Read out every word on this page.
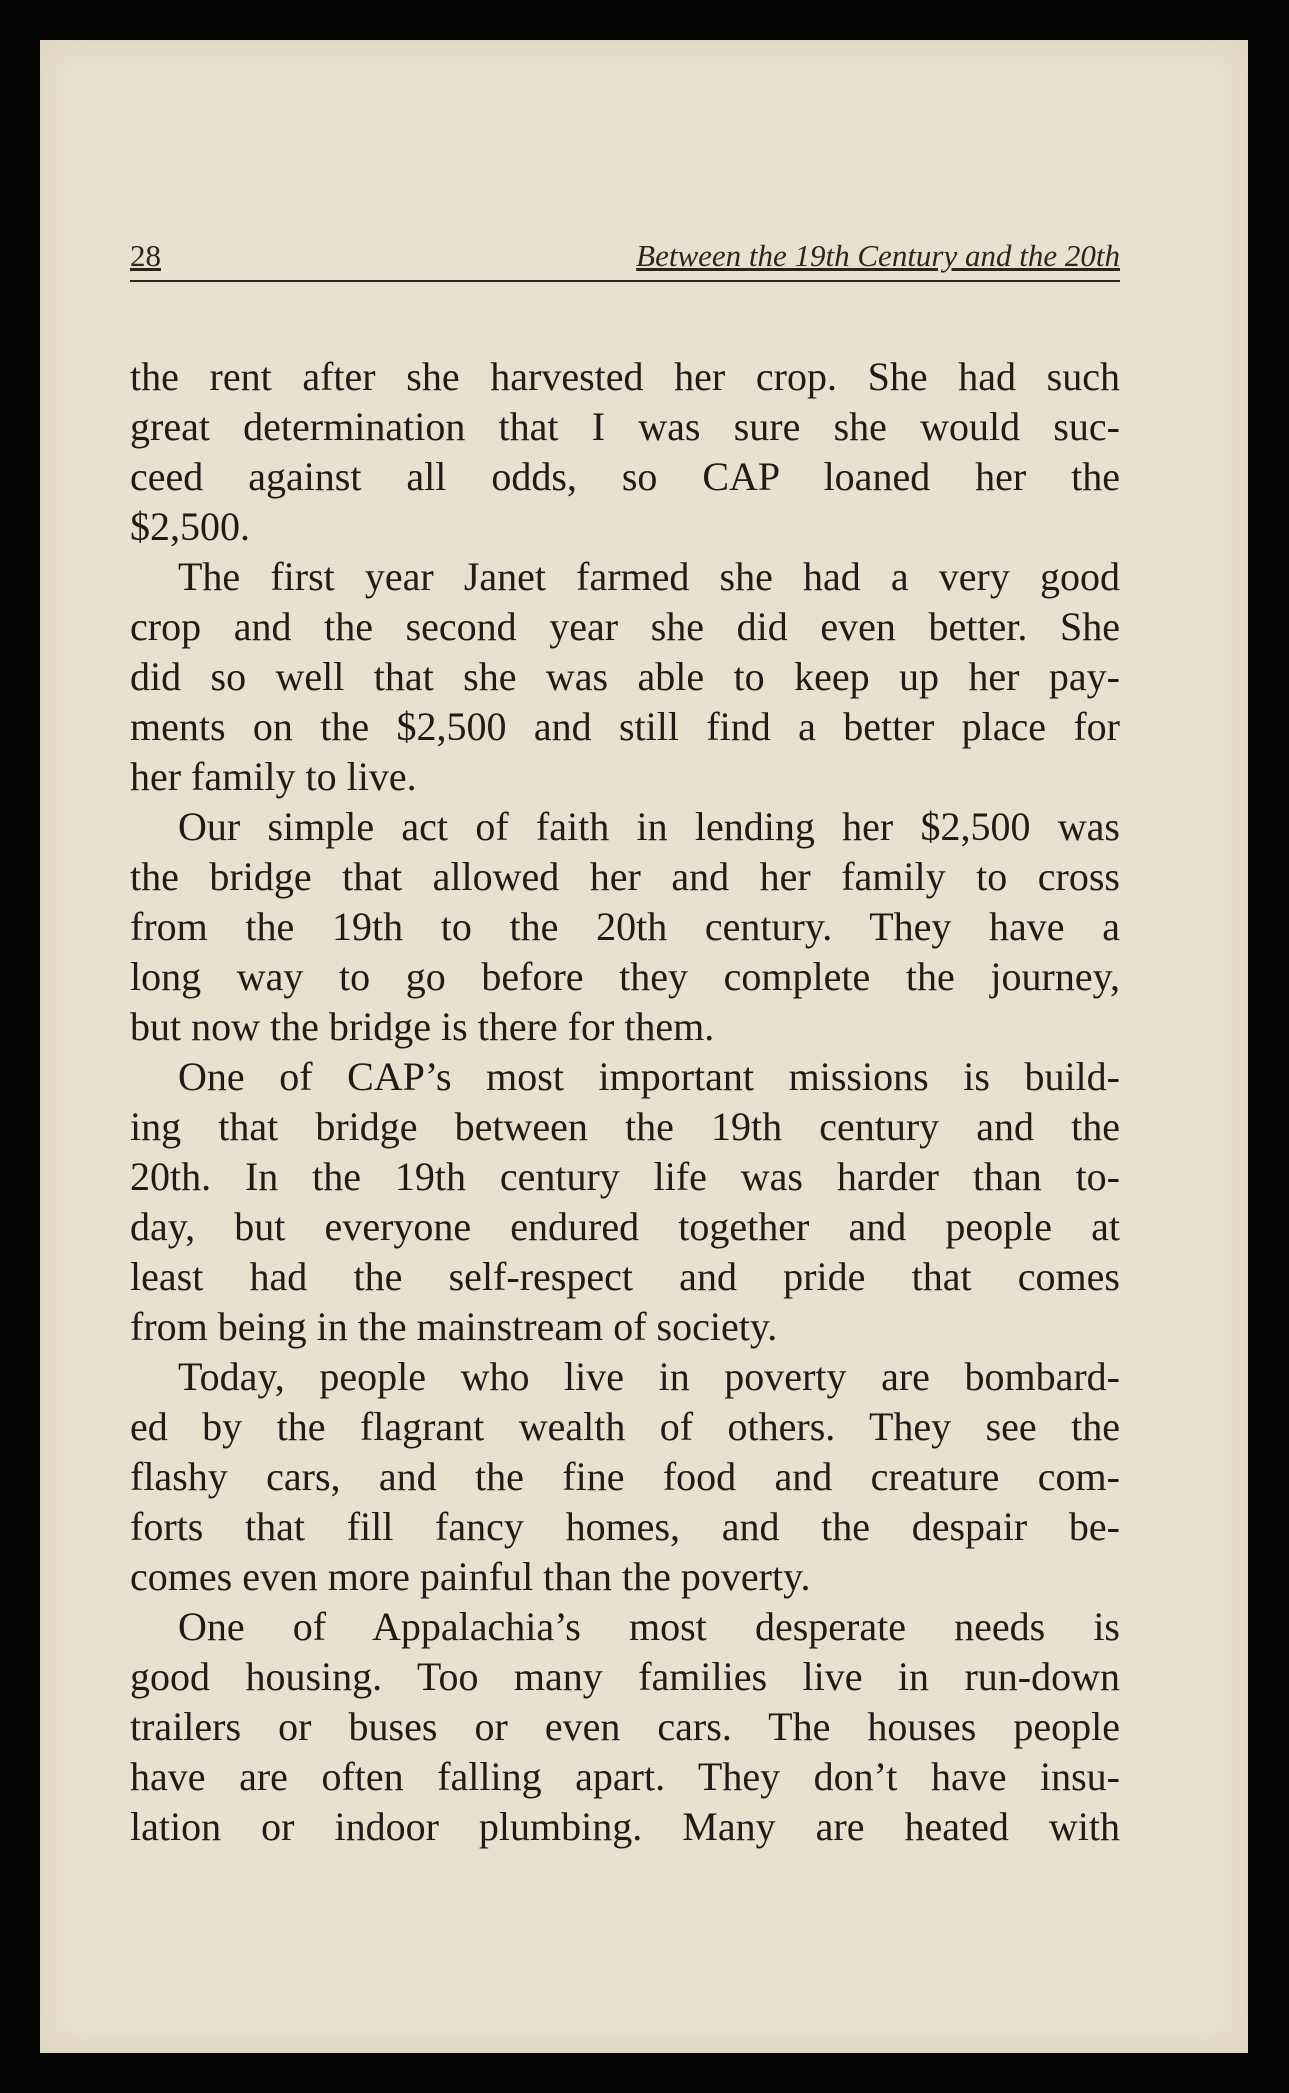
28	Between the 19th Century and the 20th
the rent after she harvested her crop. She had such
great determination that I was sure she would suc-
ceed against all odds, so CAP loaned her the
$2,500.
The first year Janet farmed she had a very good
crop and the second year she did even better. She
did so well that she was able to keep up her pay-
ments on the $2,500 and still find a better place for
her family to live.
Our simple act of faith in lending her $2,500 was
the bridge that allowed her and her family to cross
from the 19th to the 20th century. They have a
long way to go before they complete the journey,
but now the bridge is there for them.
One of CAP’s most important missions is build-
ing that bridge between the 19th century and the
20th. In the 19th century life was harder than to-
day, but everyone endured together and people at
least had the self-respect and pride that comes
from being in the mainstream of society.
Today, people who live in poverty are bombard-
ed by the flagrant wealth of others. They see the
flashy cars, and the fine food and creature com-
forts that fill fancy homes, and the despair be-
comes even more painful than the poverty.
One of Appalachia’s most desperate needs is
good housing. Too many families live in run-down
trailers or buses or even cars. The houses people
have are often falling apart. They don’t have insu-
lation or indoor plumbing. Many are heated with
